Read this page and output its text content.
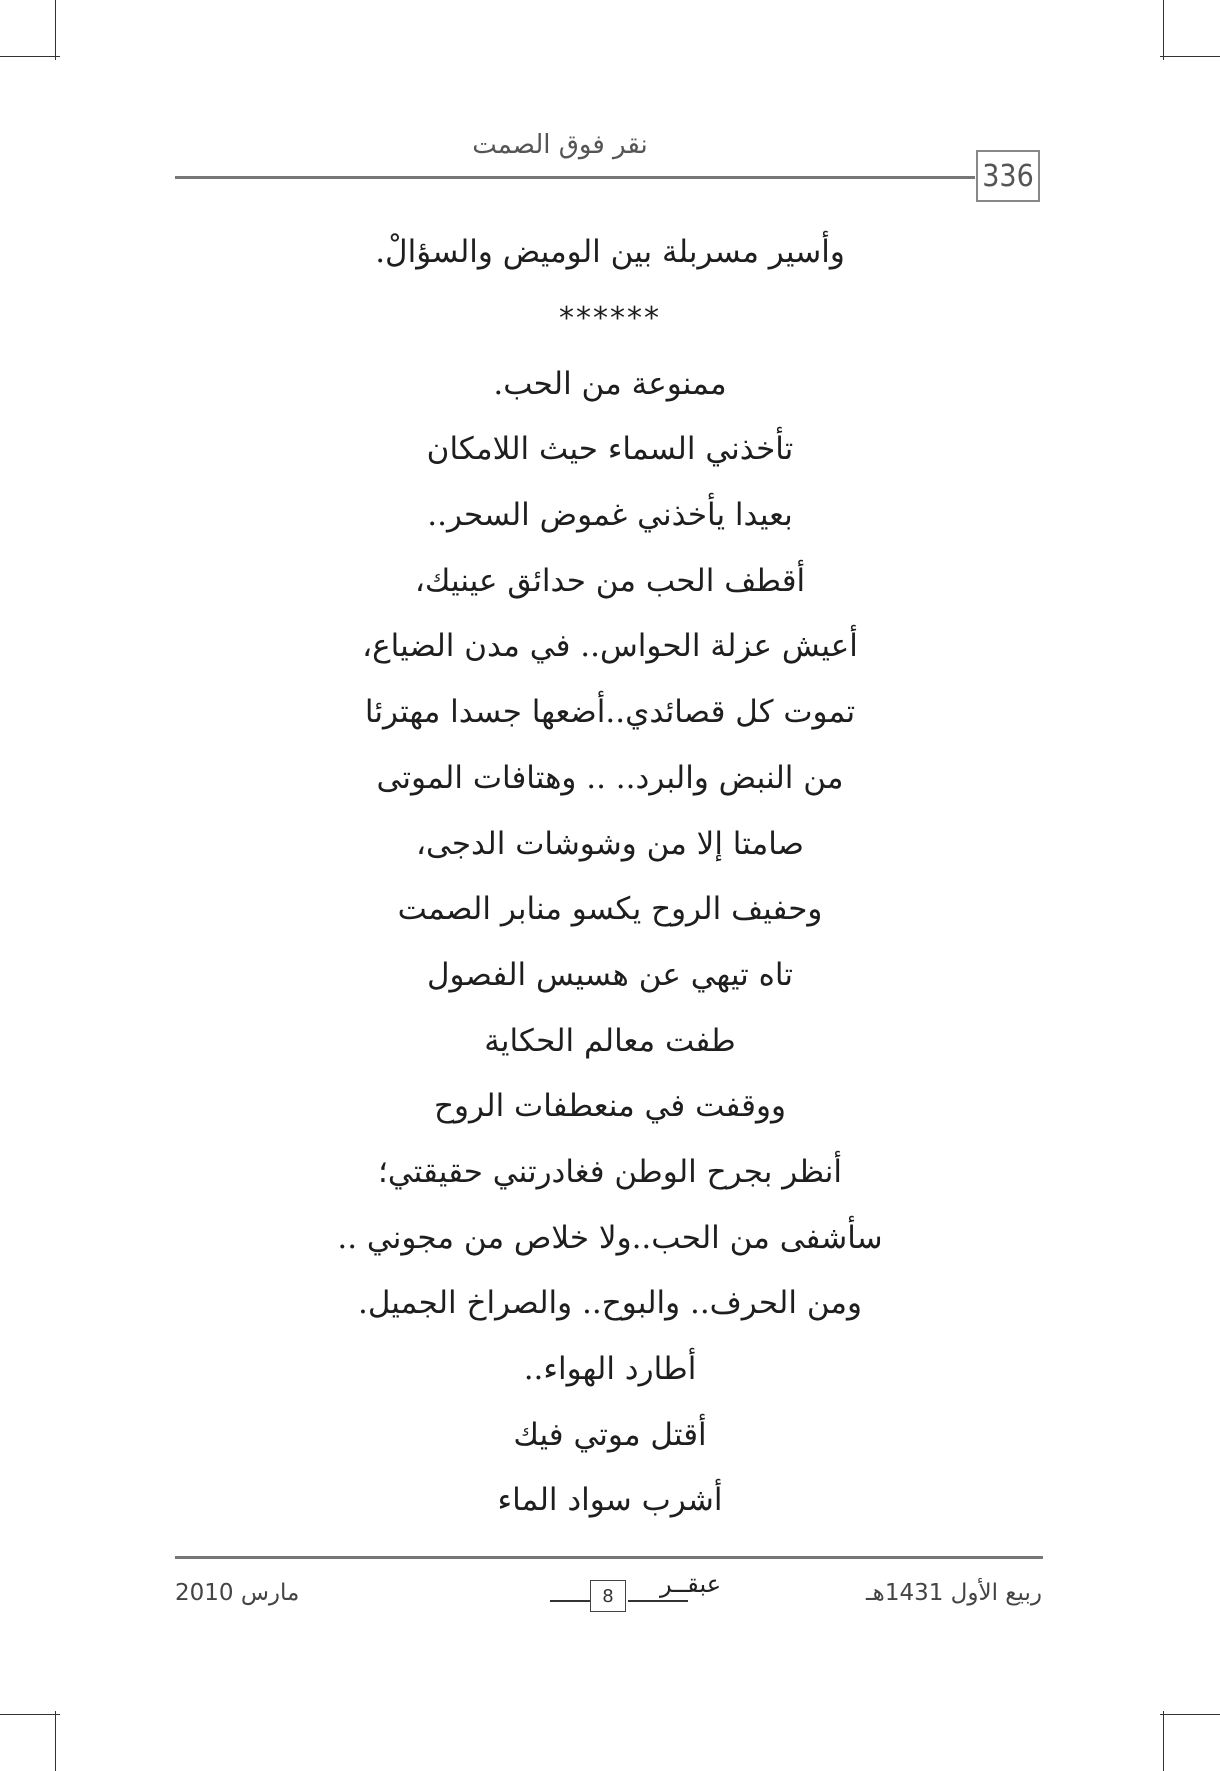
نقر فوق الصمت
336
وأسير مسربلة بين الوميض والسؤالْ.
******
ممنوعة من الحب.
تأخذني السماء حيث اللامكان
بعيدا يأخذني غموض السحر..
أقطف الحب من حدائق عينيك،
أعيش عزلة الحواس.. في مدن الضياع،
تموت كل قصائدي..أضعها جسدا مهترئا
من النبض والبرد.. .. وهتافات الموتى
صامتا إلا من وشوشات الدجى،
وحفيف الروح يكسو منابر الصمت
تاه تيهي عن هسيس الفصول
طفت معالم الحكاية
ووقفت في منعطفات الروح
أنظر بجرح الوطن فغادرتني حقيقتي؛
سأشفى من الحب..ولا خلاص من مجوني ..
ومن الحرف.. والبوح.. والصراخ الجميل.
أطارد الهواء..
أقتل موتي فيك
أشرب سواد الماء
مارس 2010	ربيع الأول 1431هـ
8	عبقــر
